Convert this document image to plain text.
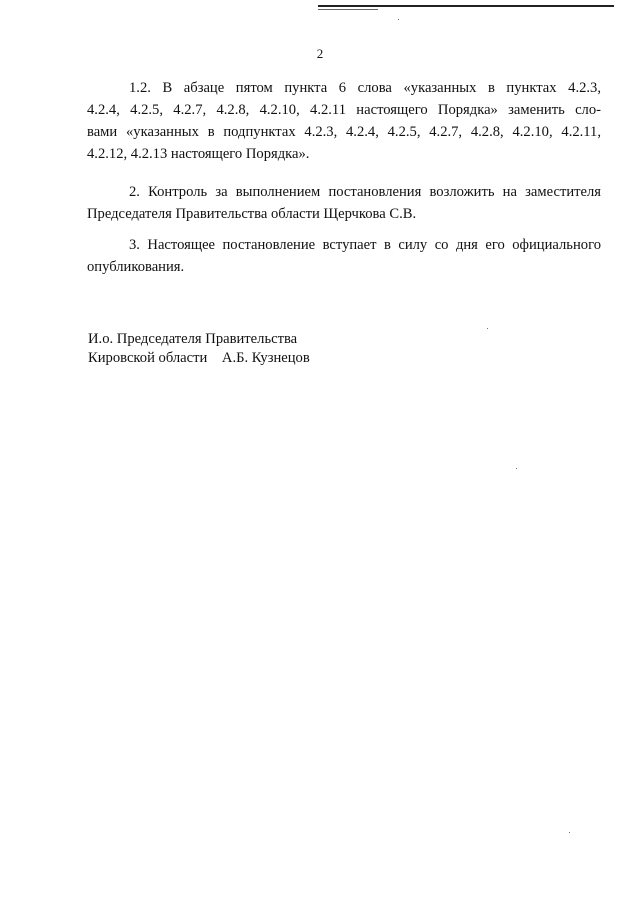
2

1.2. В абзаце пятом пункта 6 слова «указанных в пунктах 4.2.3,
4.2.4, 4.2.5, 4.2.7, 4.2.8, 4.2.10, 4.2.11 настоящего Порядка» заменить сло-
вами «указанных в подпунктах 4.2.3, 4.2.4, 4.2.5, 4.2.7, 4.2.8, 4.2.10, 4.2.11,
4.2.12, 4.2.13 настоящего Порядка».

2. Контроль за выполнением постановления возложить на заместителя
Председателя Правительства области Щерчкова С.В.

3. Настоящее постановление вступает в силу со дня его официального
опубликования.

И.о. Председателя Правительства
Кировской области    А.Б. Кузнецов
